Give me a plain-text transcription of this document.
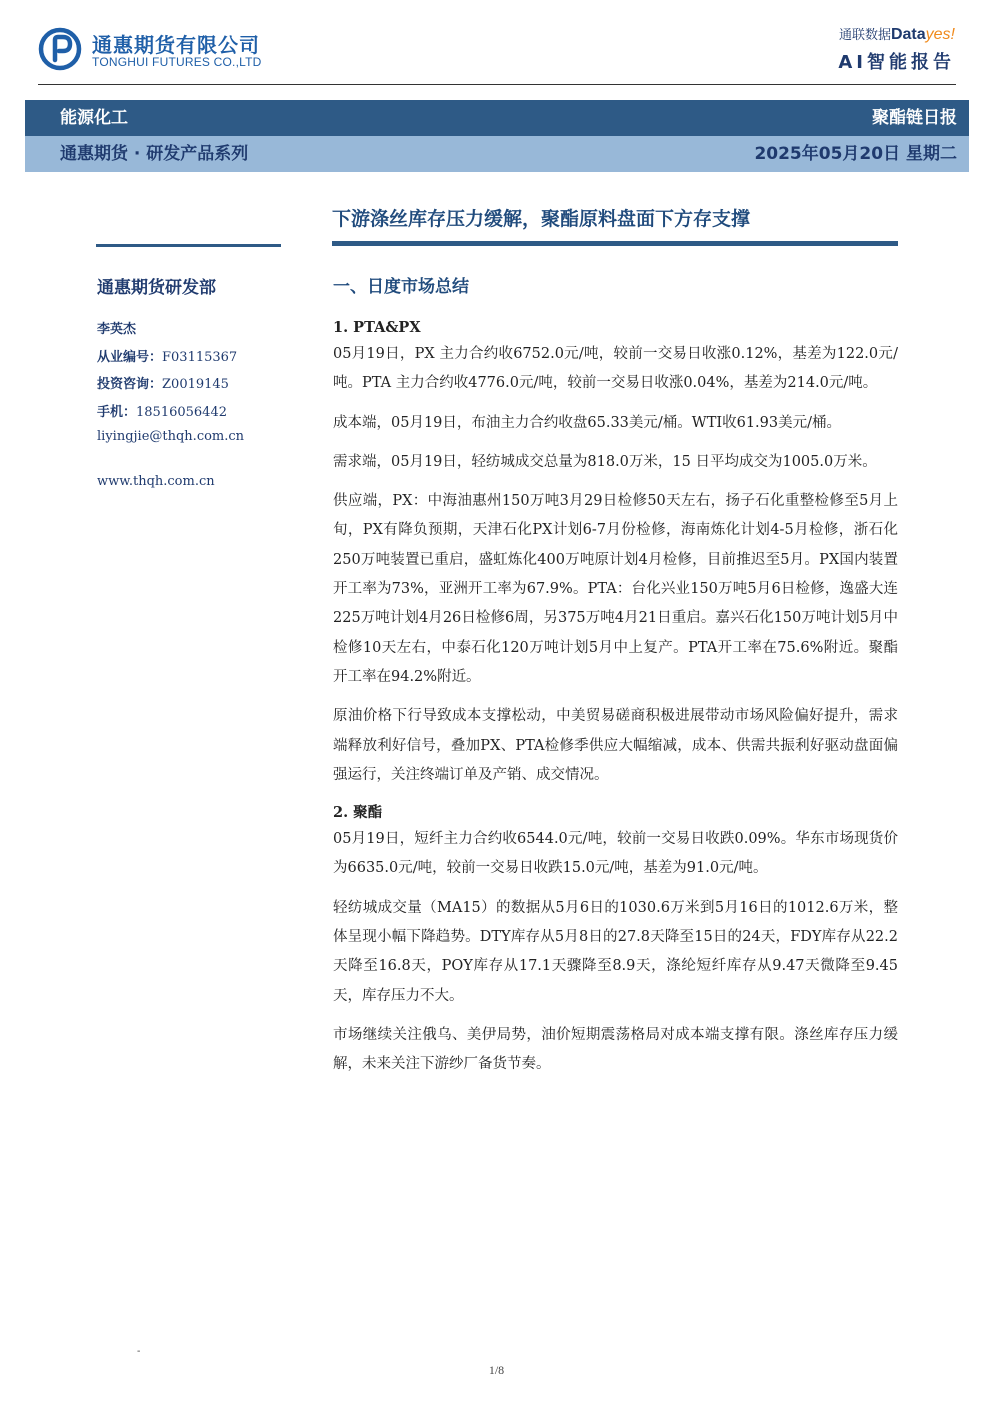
通惠期货有限公司
TONGHUI FUTURES CO.,LTD
通联数据Datayes!
AI智能报告
能源化工	聚酯链日报
通惠期货 · 研发产品系列	2025年05月20日 星期二
下游涤丝库存压力缓解，聚酯原料盘面下方存支撑
通惠期货研发部
李英杰
从业编号：F03115367
投资咨询：Z0019145
手机：18516056442
liyingjie@thqh.com.cn
www.thqh.com.cn
一、日度市场总结

1. PTA&PX

05月19日，PX 主力合约收6752.0元/吨，较前一交易日收涨0.12%，基差为122.0元/吨。PTA 主力合约收4776.0元/吨，较前一交易日收涨0.04%，基差为214.0元/吨。

成本端，05月19日，布油主力合约收盘65.33美元/桶。WTI收61.93美元/桶。

需求端，05月19日，轻纺城成交总量为818.0万米，15 日平均成交为1005.0万米。

供应端，PX：中海油惠州150万吨3月29日检修50天左右，扬子石化重整检修至5月上旬，PX有降负预期，天津石化PX计划6-7月份检修，海南炼化计划4-5月检修，浙石化250万吨装置已重启，盛虹炼化400万吨原计划4月检修，目前推迟至5月。PX国内装置开工率为73%，亚洲开工率为67.9%。PTA：台化兴业150万吨5月6日检修，逸盛大连225万吨计划4月26日检修6周，另375万吨4月21日重启。嘉兴石化150万吨计划5月中检修10天左右，中泰石化120万吨计划5月中上复产。PTA开工率在75.6%附近。聚酯开工率在94.2%附近。

原油价格下行导致成本支撑松动，中美贸易磋商积极进展带动市场风险偏好提升，需求端释放利好信号，叠加PX、PTA检修季供应大幅缩减，成本、供需共振利好驱动盘面偏强运行，关注终端订单及产销、成交情况。

2. 聚酯

05月19日，短纤主力合约收6544.0元/吨，较前一交易日收跌0.09%。华东市场现货价为6635.0元/吨，较前一交易日收跌15.0元/吨，基差为91.0元/吨。

轻纺城成交量（MA15）的数据从5月6日的1030.6万米到5月16日的1012.6万米，整体呈现小幅下降趋势。DTY库存从5月8日的27.8天降至15日的24天，FDY库存从22.2天降至16.8天，POY库存从17.1天骤降至8.9天，涤纶短纤库存从9.47天微降至9.45天，库存压力不大。

市场继续关注俄乌、美伊局势，油价短期震荡格局对成本端支撑有限。涤丝库存压力缓解，未来关注下游纱厂备货节奏。

-
1/8
